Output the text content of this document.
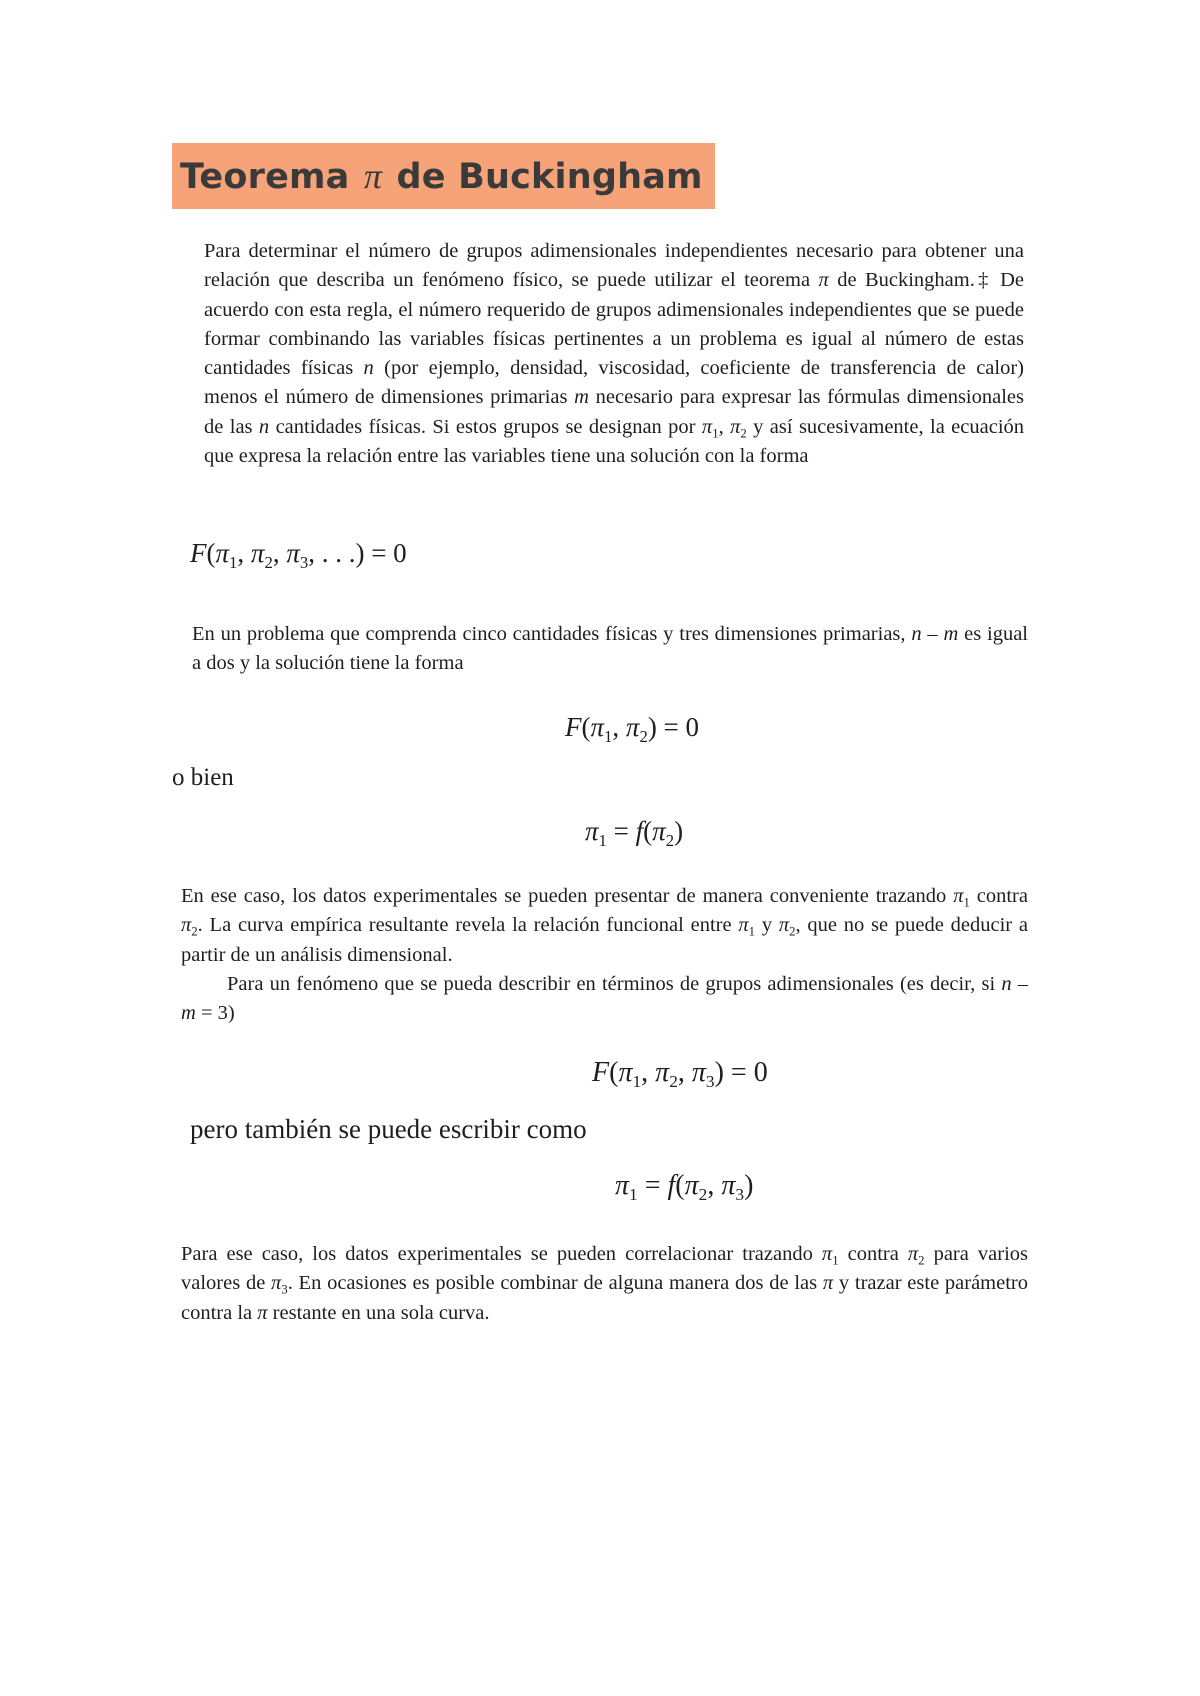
Teorema π de Buckingham

Para determinar el número de grupos adimensionales independientes necesario para obtener una relación que describa un fenómeno físico, se puede utilizar el teorema π de Buckingham.‡ De acuerdo con esta regla, el número requerido de grupos adimensionales independientes que se puede formar combinando las variables físicas pertinentes a un problema es igual al número de estas cantidades físicas n (por ejemplo, densidad, viscosidad, coeficiente de transferencia de calor) menos el número de dimensiones primarias m necesario para expresar las fórmulas dimensionales de las n cantidades físicas. Si estos grupos se designan por $\pi_1$, $\pi_2$ y así sucesivamente, la ecuación que expresa la relación entre las variables tiene una solución con la forma

$F(\pi_1$, $\pi_2$, $\pi_3$, . . .) = 0

En un problema que comprenda cinco cantidades físicas y tres dimensiones primarias, n – m es igual a dos y la solución tiene la forma

$F(\pi_1$, $\pi_2) = 0$

o bien

$\pi_1 = f(\pi_2)$

En ese caso, los datos experimentales se pueden presentar de manera conveniente trazando $\pi_1$ contra $\pi_2$. La curva empírica resultante revela la relación funcional entre $\pi_1$ y $\pi_2$, que no se puede deducir a partir de un análisis dimensional.
Para un fenómeno que se pueda describir en términos de grupos adimensionales (es decir, si n – m = 3)

$F(\pi_1$, $\pi_2$, $\pi_3) = 0$

pero también se puede escribir como

$\pi_1 = f(\pi_2$, $\pi_3$)

Para ese caso, los datos experimentales se pueden correlacionar trazando $\pi_1$ contra $\pi_2$ para varios valores de $\pi_3$. En ocasiones es posible combinar de alguna manera dos de las π y trazar este parámetro contra la π restante en una sola curva.
